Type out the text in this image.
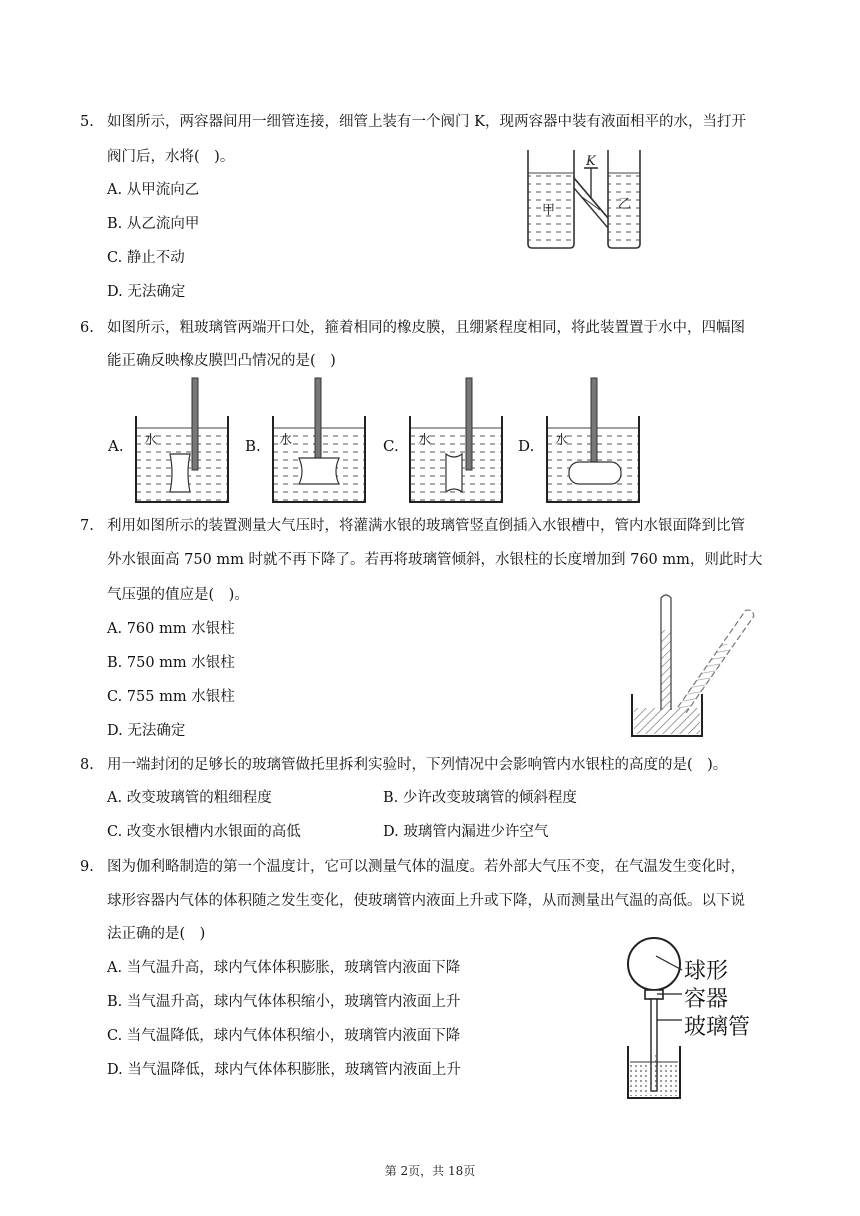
5. 如图所示，两容器间用一细管连接，细管上装有一个阀门 K，现两容器中装有液面相平的水，当打开
阀门后，水将(　)。
A. 从甲流向乙
B. 从乙流向甲
C. 静止不动
D. 无法确定
K
甲	乙
6. 如图所示，粗玻璃管两端开口处，箍着相同的橡皮膜，且绷紧程度相同，将此装置置于水中，四幅图
能正确反映橡皮膜凹凸情况的是(　)
A.	B.	C.	D.
水	水	水	水
7. 利用如图所示的装置测量大气压时，将灌满水银的玻璃管竖直倒插入水银槽中，管内水银面降到比管
外水银面高 750 mm 时就不再下降了。若再将玻璃管倾斜，水银柱的长度增加到 760 mm，则此时大
气压强的值应是(　)。
A. 760 mm 水银柱
B. 750 mm 水银柱
C. 755 mm 水银柱
D. 无法确定
8. 用一端封闭的足够长的玻璃管做托里拆利实验时，下列情况中会影响管内水银柱的高度的是(　)。
A. 改变玻璃管的粗细程度	B. 少许改变玻璃管的倾斜程度
C. 改变水银槽内水银面的高低	D. 玻璃管内漏进少许空气
9. 图为伽利略制造的第一个温度计，它可以测量气体的温度。若外部大气压不变，在气温发生变化时，
球形容器内气体的体积随之发生变化，使玻璃管内液面上升或下降，从而测量出气温的高低。以下说
法正确的是(　)
A. 当气温升高，球内气体体积膨胀，玻璃管内液面下降
B. 当气温升高，球内气体体积缩小，玻璃管内液面上升
C. 当气温降低，球内气体体积缩小，玻璃管内液面下降
D. 当气温降低，球内气体体积膨胀，玻璃管内液面上升
球形
容器
玻璃管
第 2页，共 18页
